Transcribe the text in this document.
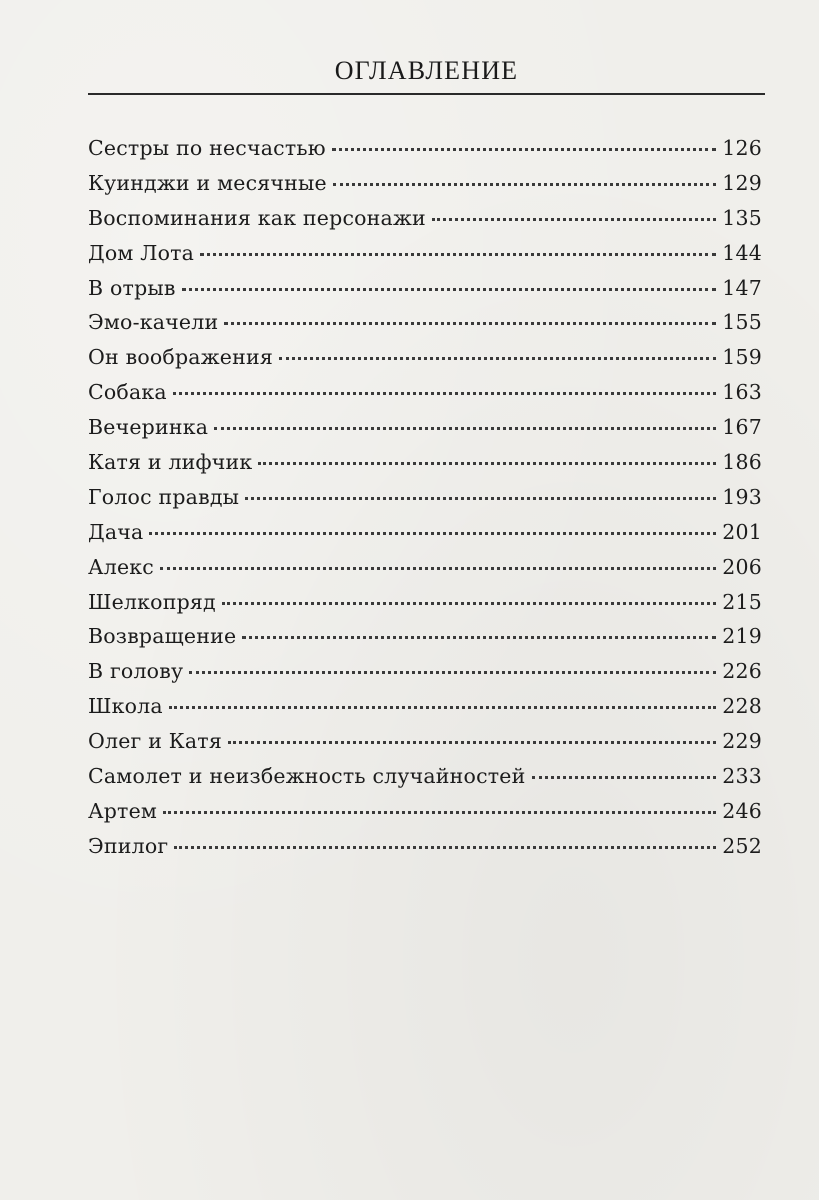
ОГЛАВЛЕНИЕ
Сестры по несчастью	126
Куинджи и месячные	129
Воспоминания как персонажи	135
Дом Лота	144
В отрыв	147
Эмо-качели	155
Он воображения	159
Собака	163
Вечеринка	167
Катя и лифчик	186
Голос правды	193
Дача	201
Алекс	206
Шелкопряд	215
Возвращение	219
В голову	226
Школа	228
Олег и Катя	229
Самолет и неизбежность случайностей	233
Артем	246
Эпилог	252
